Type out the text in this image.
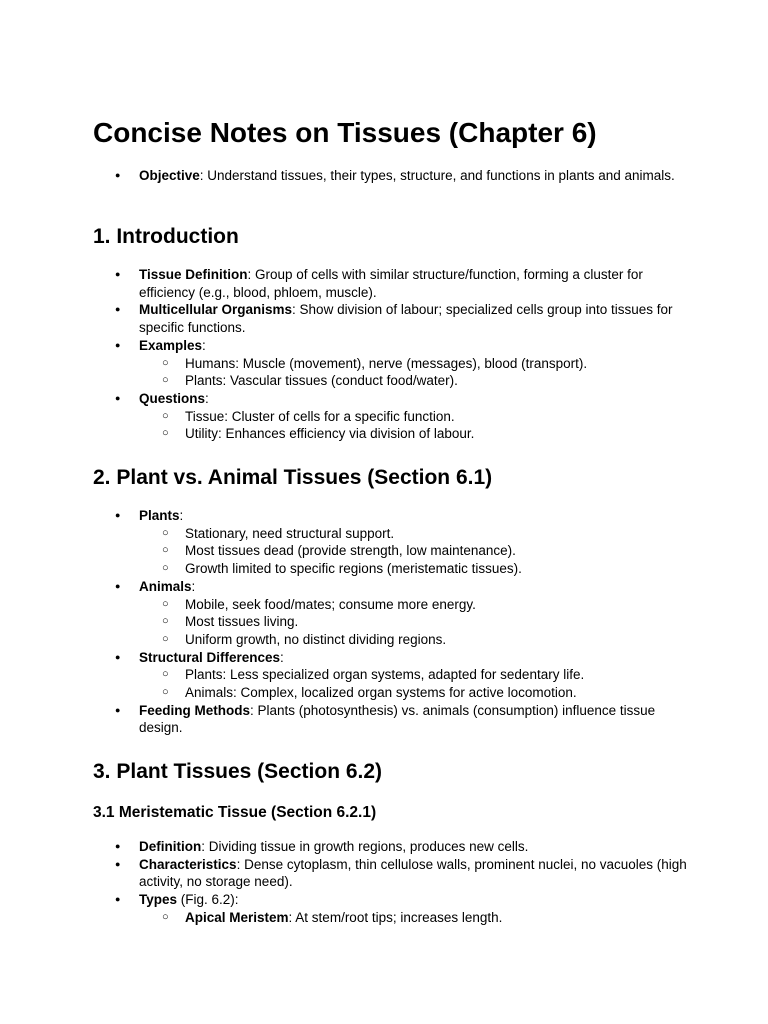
Concise Notes on Tissues (Chapter 6)
● Objective: Understand tissues, their types, structure, and functions in plants and animals.
1. Introduction
● Tissue Definition: Group of cells with similar structure/function, forming a cluster for efficiency (e.g., blood, phloem, muscle).
● Multicellular Organisms: Show division of labour; specialized cells group into tissues for specific functions.
● Examples:
○ Humans: Muscle (movement), nerve (messages), blood (transport).
○ Plants: Vascular tissues (conduct food/water).
● Questions:
○ Tissue: Cluster of cells for a specific function.
○ Utility: Enhances efficiency via division of labour.
2. Plant vs. Animal Tissues (Section 6.1)
● Plants:
○ Stationary, need structural support.
○ Most tissues dead (provide strength, low maintenance).
○ Growth limited to specific regions (meristematic tissues).
● Animals:
○ Mobile, seek food/mates; consume more energy.
○ Most tissues living.
○ Uniform growth, no distinct dividing regions.
● Structural Differences:
○ Plants: Less specialized organ systems, adapted for sedentary life.
○ Animals: Complex, localized organ systems for active locomotion.
● Feeding Methods: Plants (photosynthesis) vs. animals (consumption) influence tissue design.
3. Plant Tissues (Section 6.2)
3.1 Meristematic Tissue (Section 6.2.1)
● Definition: Dividing tissue in growth regions, produces new cells.
● Characteristics: Dense cytoplasm, thin cellulose walls, prominent nuclei, no vacuoles (high activity, no storage need).
● Types (Fig. 6.2):
○ Apical Meristem: At stem/root tips; increases length.
